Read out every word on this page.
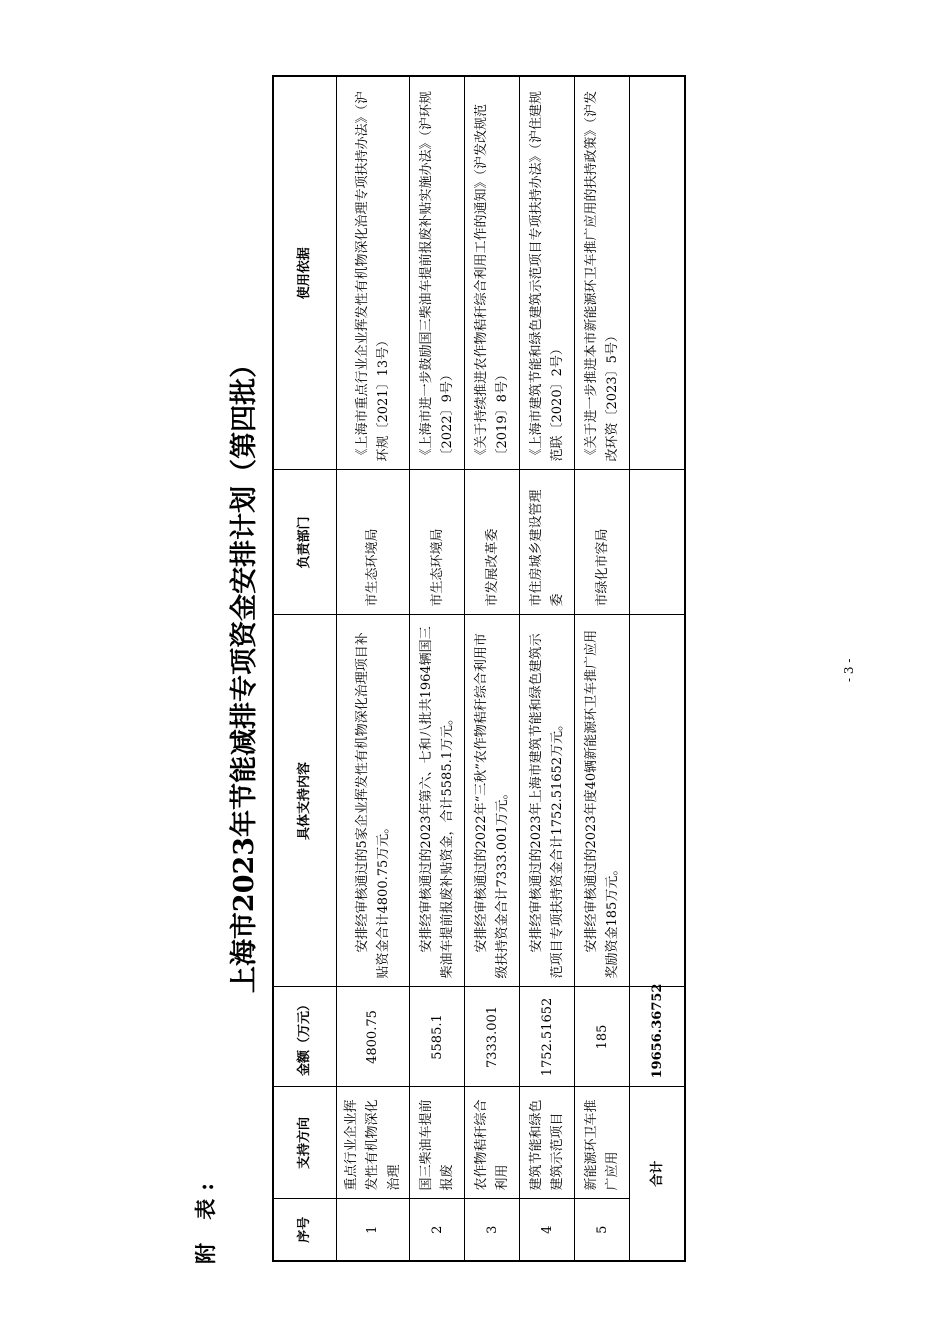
附 表:
上海市2023年节能减排专项资金安排计划（第四批）
序号	支持方向	金额（万元）	具体支持内容	负责部门	使用依据
1	重点行业企业挥发性有机物深化治理	4800.75	安排经审核通过的5家企业挥发性有机物深化治理项目补贴资金合计4800.75万元。	市生态环境局	《上海市重点行业企业挥发性有机物深化治理专项扶持办法》（沪环规〔2021〕13号）
2	国三柴油车提前报废	5585.1	安排经审核通过的2023年第六、七和八批共1964辆国三柴油车提前报废补贴资金，合计5585.1万元。	市生态环境局	《上海市进一步鼓励国三柴油车提前报废补贴实施办法》（沪环规〔2022〕9号）
3	农作物秸秆综合利用	7333.001	安排经审核通过的2022年“三秋”农作物秸秆综合利用市级扶持资金合计7333.001万元。	市发展改革委	《关于持续推进农作物秸秆综合利用工作的通知》（沪发改规范〔2019〕8号）
4	建筑节能和绿色建筑示范项目	1752.51652	安排经审核通过的2023年上海市建筑节能和绿色建筑示范项目专项扶持资金合计1752.51652万元。	市住房城乡建设管理委	《上海市建筑节能和绿色建筑示范项目专项扶持办法》（沪住建规范联〔2020〕2号）
5	新能源环卫车推广应用	185	安排经审核通过的2023年度40辆新能源环卫车推广应用奖励资金185万元。	市绿化市容局	《关于进一步推进本市新能源环卫车推广应用的扶持政策》（沪发改环资〔2023〕5号）
合计		19656.36752			
- 3 -
